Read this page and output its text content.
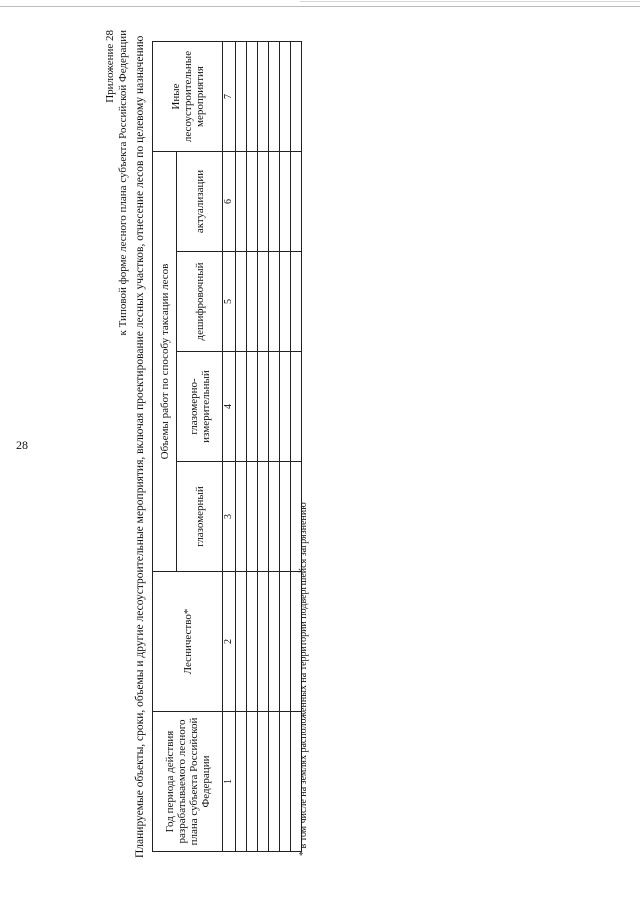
28
Приложение 28 к Типовой форме лесного плана субъекта Российской Федерации Планируемые объекты, сроки, объемы и другие лесоустроительные мероприятия, включая проектирование лесных участков, отнесение лесов по целевому назначению Год периода действия разрабатываемого лесного плана субъекта Российской Федерации	Лесничество*	Объемы работ по способу таксации лесов				Иные лесоустроительные мероприятия
		глазомерный	глазомерно-измерительный	дешифровочный	актуализации	
1	2	3	4	5	6	7

* в том числе на землях расположенных на территории подвергшейся загрязнению
